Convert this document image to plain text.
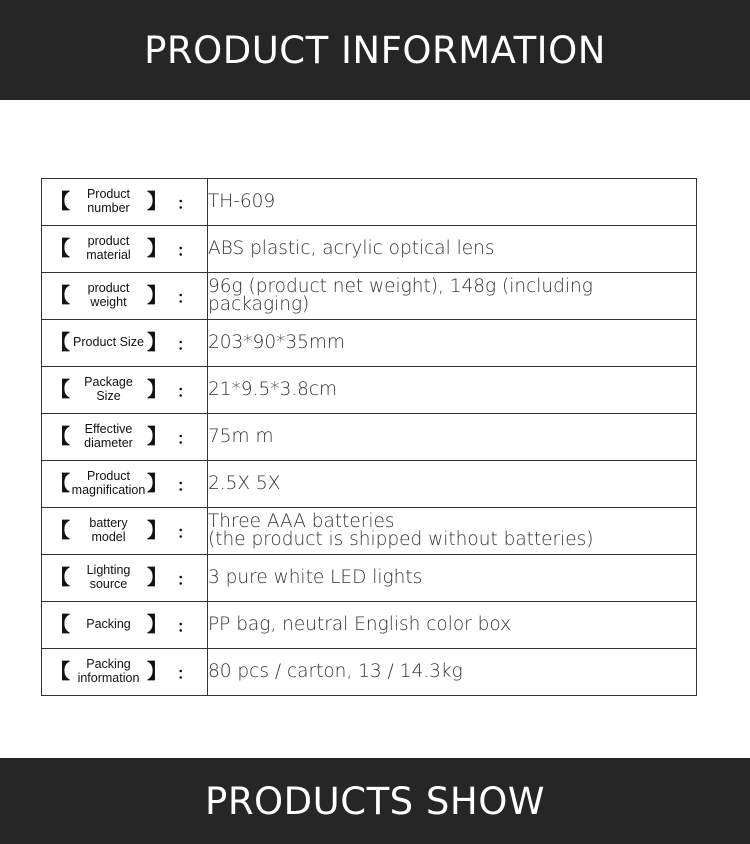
PRODUCT INFORMATION
【 Product number 】 ：	TH-609

【 product material 】 ：	ABS plastic, acrylic optical lens

【 product weight 】 ：	96g (product net weight), 148g (including packaging)

【 Product Size 】 ：	203*90*35mm

【 Package Size 】 ：	21*9.5*3.8cm

【 Effective diameter 】 ：	75m m

【 Product magnification 】 ：	2.5X 5X

【 battery model 】 ：	Three AAA batteries
(the product is shipped without batteries)

【 Lighting source 】 ：	3 pure white LED lights

【 Packing 】 ：	PP bag, neutral English color box

【 Packing information 】 ：	80 pcs / carton, 13 / 14.3kg
PRODUCTS SHOW
